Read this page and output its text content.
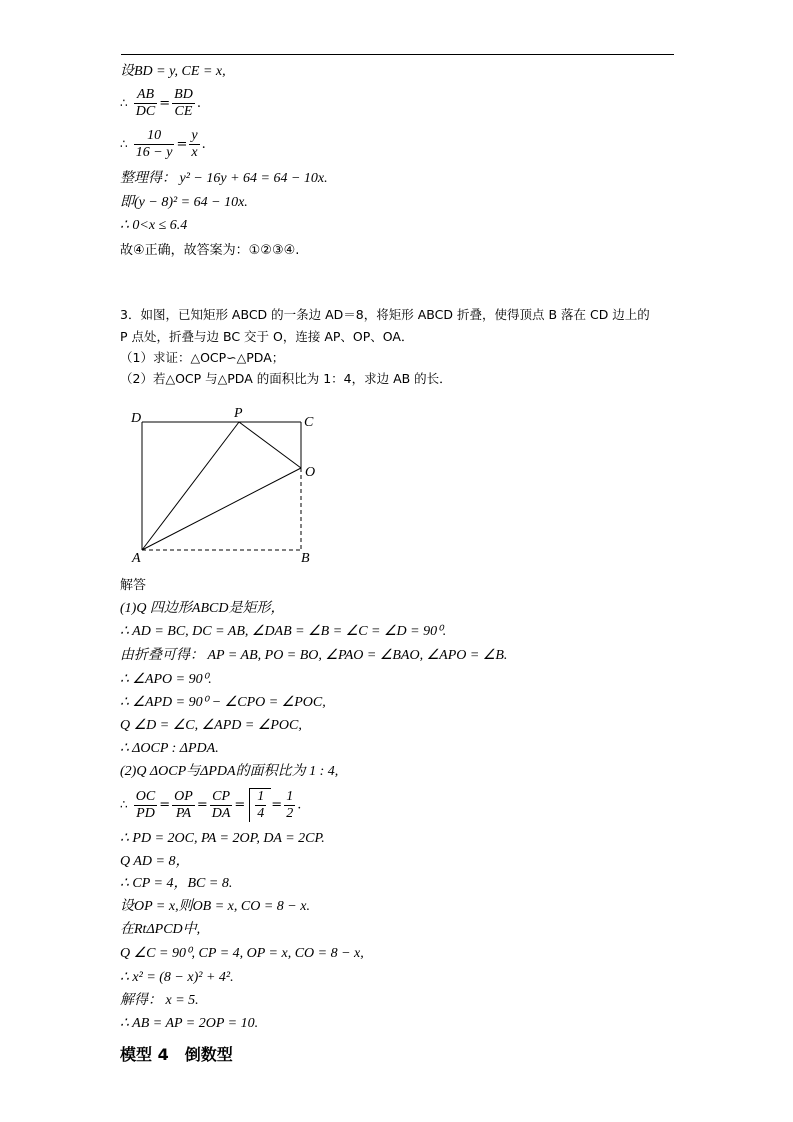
设BD = y, CE = x,
∴ $\frac{AB}{DC} = \frac{BD}{CE}$ .
∴ $\frac{10}{16 - y} = \frac{y}{x}$ .
整理得： y² − 16y + 64 = 64 − 10x.
即(y − 8)² = 64 − 10x.
∴ 0<x ≤ 6.4
故④正确，故答案为：①②③④.
3．如图，已知矩形 ABCD 的一条边 AD＝8，将矩形 ABCD 折叠，使得顶点 B 落在 CD 边上的
P 点处，折叠与边 BC 交于 O，连接 AP、OP、OA．
（1）求证：△OCP∽△PDA；
（2）若△OCP 与△PDA 的面积比为 1：4，求边 AB 的长．
D	P
C
O
A	B
解答
(1)Q 四边形ABCD是矩形，
∴ AD = BC, DC = AB, ∠DAB = ∠B = ∠C = ∠D = 90⁰.
由折叠可得： AP = AB, PO = BO, ∠PAO = ∠BAO, ∠APO = ∠B.
∴ ∠APO = 90⁰.
∴ ∠APD = 90⁰ − ∠CPO = ∠POC,
Q ∠D = ∠C, ∠APD = ∠POC,
∴ ΔOCP : ΔPDA.
(2)Q ΔOCP与ΔPDA的面积比为 1 : 4,
∴ $\frac{OC}{PD} = \frac{OP}{PA} = \frac{CP}{DA} = \frac{1}{4} = \frac{1}{2}$ .
∴ PD = 2OC, PA = 2OP, DA = 2CP.
Q AD = 8，
∴ CP = 4，BC = 8.
设OP = x,则OB = x, CO = 8 − x.
在RtΔPCD中,
Q ∠C = 90⁰, CP = 4, OP = x, CO = 8 − x,
∴ x² = (8 − x)² + 4².
解得： x = 5.
∴ AB = AP = 2OP = 10.
模型 4　倒数型
